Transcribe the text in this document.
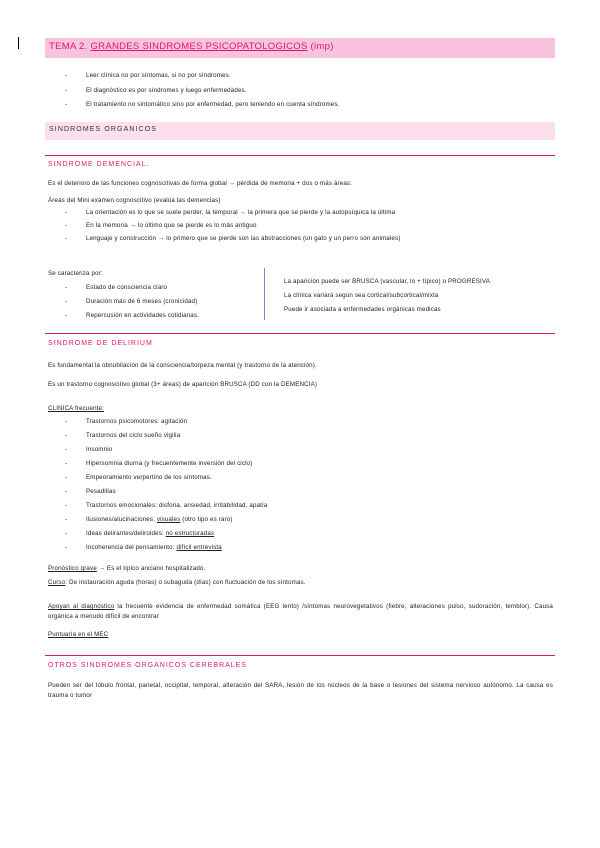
TEMA 2. GRANDES SINDROMES PSICOPATOLOGICOS (imp)
-	Leer clínica no por síntomas, si no por síndromes.
-	El diagnóstico es por síndromes y luego enfermedades.
-	El tratamiento no sintomático sino por enfermedad, pero teniendo en cuenta síndromes.
SINDROMES ORGANICOS
SINDROME DEMENCIAL.
Es el deterioro de las funciones cognoscitivas de forma global → pérdida de memoria + dos o más áreas:
Áreas del Mini examen cognoscitivo (evalúa las demencias)
-	La orientación es lo que se suele perder, la temporal → la primera que se pierde y la autopsíquica la última
-	En la memoria → lo último que se pierde es lo más antiguo
-	Lenguaje y construcción → lo primero que se pierde son las abstracciones (un gato y un perro son animales)
Se caracteriza por:
-	Estado de consciencia claro
-	Duración más de 6 meses (cronicidad)
-	Repercusión en actividades cotidianas.
La aparición puede ser BRUSCA (vascular, lo + típico) o PROGRESIVA
La clínica variará según sea cortical/subcortical/mixta
Puede ir asociada a enfermedades orgánicas medicas
SINDROME DE DELIRIUM
Es fundamental la obnubilación de la consciencia/torpeza mental (y trastorno de la atención).
Es un trastorno cognoscitivo global (3+ áreas) de aparición BRUSCA (DD con la DEMENCIA)
CLINICA frecuente:
-	Trastornos psicomotores: agitación
-	Trastornos del ciclo sueño vigilia
-	Insomnio
-	Hipersomnia diurna (y frecuentemente inversión del ciclo)
-	Empeoramiento verpertino de los síntomas.
-	Pesadillas
-	Trastornos emocionales: disforia, ansiedad, irritabilidad, apatía
-	Ilusiones/alucinaciones: visuales (otro tipo es raro)
-	Ideas delirantes/deliroides: no estructuradas
-	Incoherencia del pensamiento: difícil entrevista
Pronóstico grave → Es el típico anciano hospitalizado.
Curso: De instauración aguda (horas) o subaguda (días) con fluctuación de los síntomas.
Apoyan al diagnóstico la frecuente evidencia de enfermedad somática (EEG lento) /síntomas neurovegetativos (fiebre, alteraciones pulso, sudoración, temblor). Causa orgánica a menudo difícil de encontrar
Puntuaría en el MEC
OTROS SINDROMES ORGANICOS CEREBRALES
Pueden ser del lóbulo frontal, parietal, occipital, temporal, alteración del SARA, lesión de los núcleos de la base o lesiones del sistema nervioso autónomo. La causa es trauma o tumor
